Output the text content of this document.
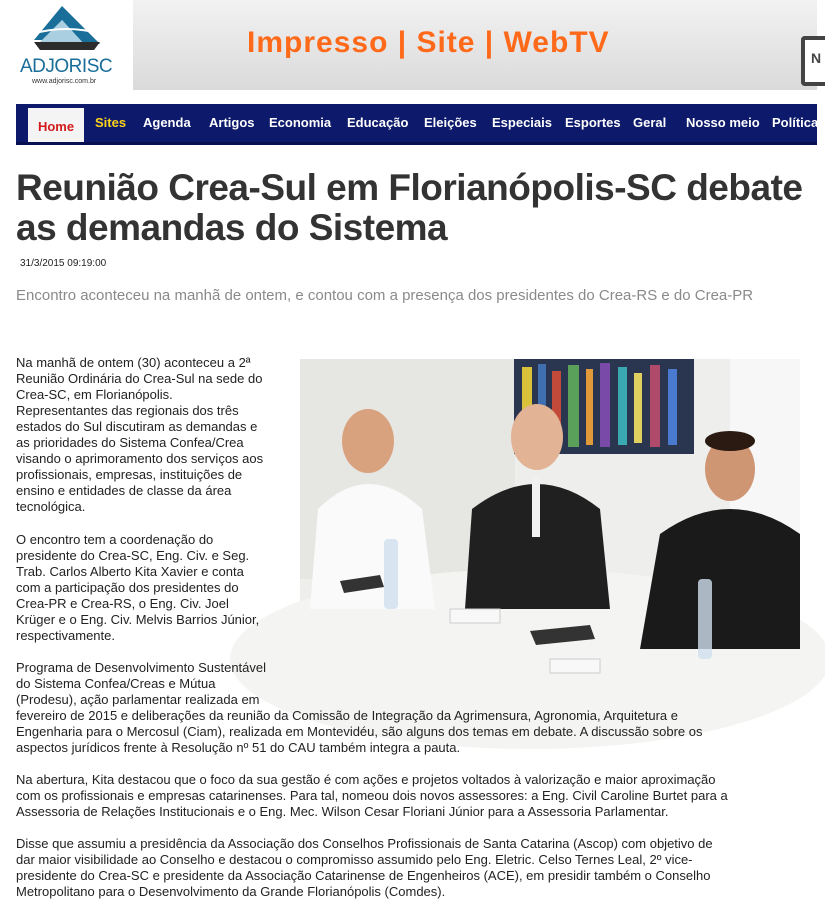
ADJORISC
www.adjorisc.com.br
Impresso | Site | WebTV	N
Home	Sites Agenda Artigos Economia Educação Eleições Especiais Esportes Geral Nosso meio Política
Reunião Crea-Sul em Florianópolis-SC debate as demandas do Sistema
31/3/2015 09:19:00
Encontro aconteceu na manhã de ontem, e contou com a presença dos presidentes do Crea-RS e do Crea-PR
Na manhã de ontem (30) aconteceu a 2ª
Reunião Ordinária do Crea-Sul na sede do
Crea-SC, em Florianópolis.
Representantes das regionais dos três
estados do Sul discutiram as demandas e
as prioridades do Sistema Confea/Crea
visando o aprimoramento dos serviços aos
profissionais, empresas, instituições de
ensino e entidades de classe da área
tecnológica.
O encontro tem a coordenação do
presidente do Crea-SC, Eng. Civ. e Seg.
Trab. Carlos Alberto Kita Xavier e conta
com a participação dos presidentes do
Crea-PR e Crea-RS, o Eng. Civ. Joel
Krüger e o Eng. Civ. Melvis Barrios Júnior,
respectivamente.
Programa de Desenvolvimento Sustentável
do Sistema Confea/Creas e Mútua
(Prodesu), ação parlamentar realizada em
fevereiro de 2015 e deliberações da reunião da Comissão de Integração da Agrimensura, Agronomia, Arquitetura e
Engenharia para o Mercosul (Ciam), realizada em Montevidéu, são alguns dos temas em debate. A discussão sobre os
aspectos jurídicos frente à Resolução nº 51 do CAU também integra a pauta.
Na abertura, Kita destacou que o foco da sua gestão é com ações e projetos voltados à valorização e maior aproximação
com os profissionais e empresas catarinenses. Para tal, nomeou dois novos assessores: a Eng. Civil Caroline Burtet para a
Assessoria de Relações Institucionais e o Eng. Mec. Wilson Cesar Floriani Júnior para a Assessoria Parlamentar.
Disse que assumiu a presidência da Associação dos Conselhos Profissionais de Santa Catarina (Ascop) com objetivo de
dar maior visibilidade ao Conselho e destacou o compromisso assumido pelo Eng. Eletric. Celso Ternes Leal, 2º vice-
presidente do Crea-SC e presidente da Associação Catarinense de Engenheiros (ACE), em presidir também o Conselho
Metropolitano para o Desenvolvimento da Grande Florianópolis (Comdes).
